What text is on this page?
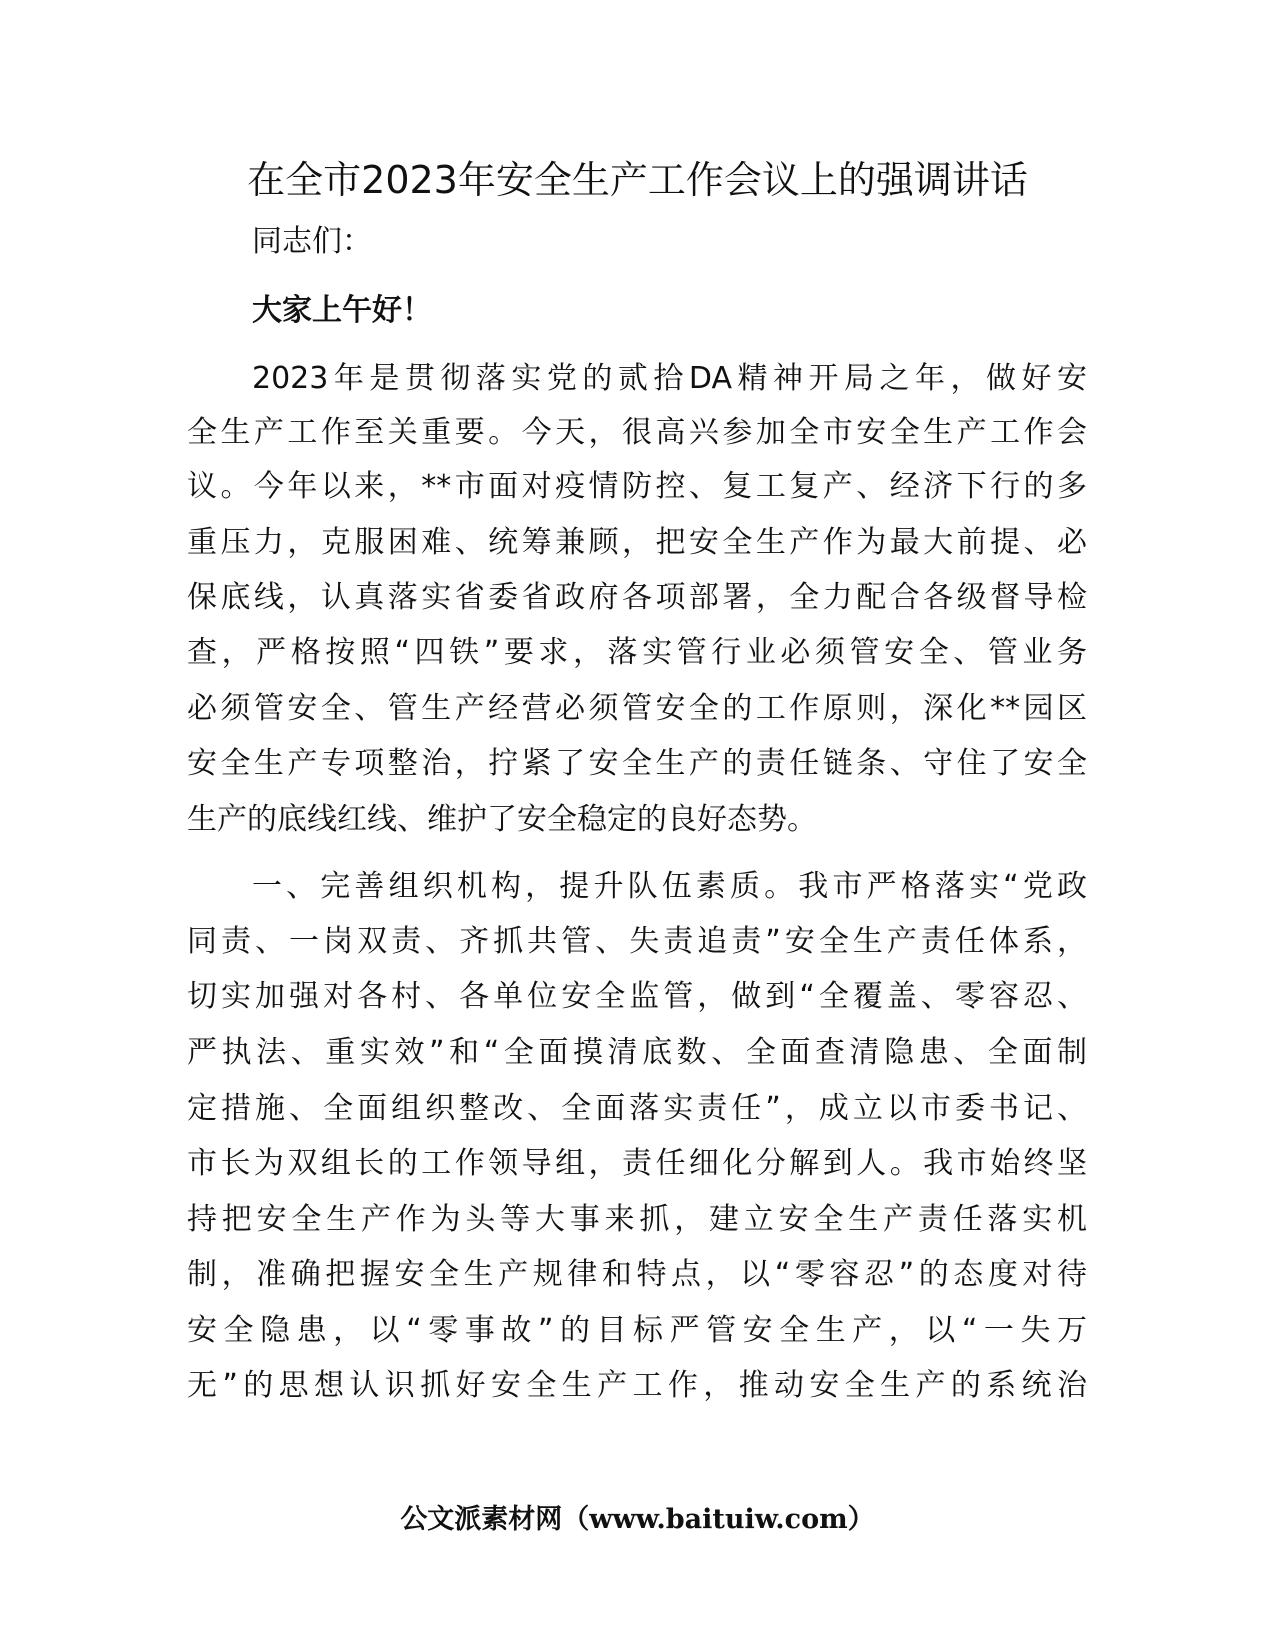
在全市2023年安全生产工作会议上的强调讲话

同志们：

大家上午好！

2023年是贯彻落实党的贰拾DA精神开局之年，做好安

全生产工作至关重要。今天，很高兴参加全市安全生产工作会

议。今年以来，**市面对疫情防控、复工复产、经济下行的多

重压力，克服困难、统筹兼顾，把安全生产作为最大前提、必

保底线，认真落实省委省政府各项部署，全力配合各级督导检

查，严格按照“四铁”要求，落实管行业必须管安全、管业务

必须管安全、管生产经营必须管安全的工作原则，深化**园区

安全生产专项整治，拧紧了安全生产的责任链条、守住了安全

生产的底线红线、维护了安全稳定的良好态势。

一、完善组织机构，提升队伍素质。我市严格落实“党政

同责、一岗双责、齐抓共管、失责追责”安全生产责任体系，

切实加强对各村、各单位安全监管，做到“全覆盖、零容忍、

严执法、重实效”和“全面摸清底数、全面查清隐患、全面制

定措施、全面组织整改、全面落实责任”，成立以市委书记、

市长为双组长的工作领导组，责任细化分解到人。我市始终坚

持把安全生产作为头等大事来抓，建立安全生产责任落实机

制，准确把握安全生产规律和特点，以“零容忍”的态度对待

安全隐患，以“零事故”的目标严管安全生产，以“一失万

无”的思想认识抓好安全生产工作，推动安全生产的系统治

公文派素材网（www.baituiw.com）
